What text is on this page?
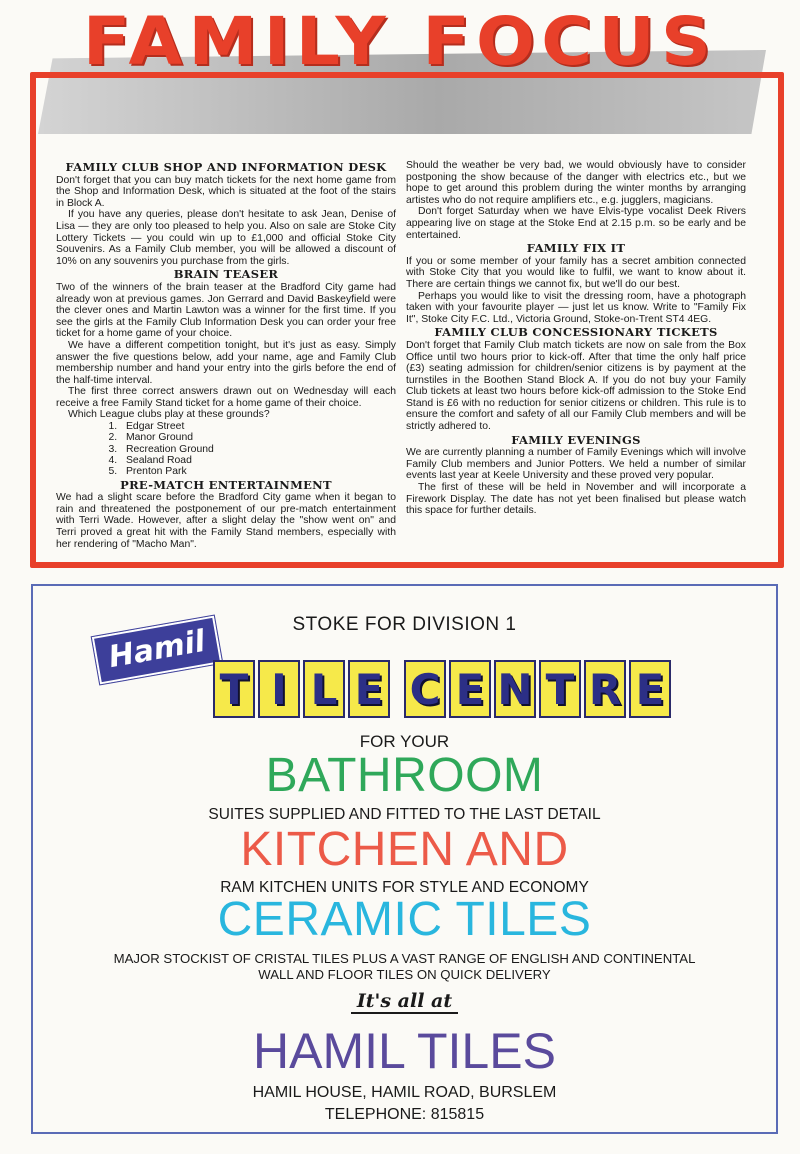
FAMILY FOCUS
FAMILY CLUB SHOP AND INFORMATION DESK

Don't forget that you can buy match tickets for the next home game from the Shop and Information Desk, which is situated at the foot of the stairs in Block A.

If you have any queries, please don't hesitate to ask Jean, Denise of Lisa — they are only too pleased to help you. Also on sale are Stoke City Lottery Tickets — you could win up to £1,000 and official Stoke City Souvenirs. As a Family Club member, you will be allowed a discount of 10% on any souvenirs you purchase from the girls.

BRAIN TEASER

Two of the winners of the brain teaser at the Bradford City game had already won at previous games. Jon Gerrard and David Baskeyfield were the clever ones and Martin Lawton was a winner for the first time. If you see the girls at the Family Club Information Desk you can order your free ticket for a home game of your choice.

We have a different competition tonight, but it's just as easy. Simply answer the five questions below, add your name, age and Family Club membership number and hand your entry into the girls before the end of the half-time interval.

The first three correct answers drawn out on Wednesday will each receive a free Family Stand ticket for a home game of their choice.

Which League clubs play at these grounds?

1. Edgar Street
2. Manor Ground
3. Recreation Ground
4. Sealand Road
5. Prenton Park
PRE-MATCH ENTERTAINMENT

We had a slight scare before the Bradford City game when it began to rain and threatened the postponement of our pre-match entertainment with Terri Wade. However, after a slight delay the "show went on" and Terri proved a great hit with the Family Stand members, especially with her rendering of "Macho Man".

Should the weather be very bad, we would obviously have to consider postponing the show because of the danger with electrics etc., but we hope to get around this problem during the winter months by arranging artistes who do not require amplifiers etc., e.g. jugglers, magicians.

Don't forget Saturday when we have Elvis-type vocalist Deek Rivers appearing live on stage at the Stoke End at 2.15 p.m. so be early and be entertained.

FAMILY FIX IT

If you or some member of your family has a secret ambition connected with Stoke City that you would like to fulfil, we want to know about it. There are certain things we cannot fix, but we'll do our best.

Perhaps you would like to visit the dressing room, have a photograph taken with your favourite player — just let us know. Write to "Family Fix It", Stoke City F.C. Ltd., Victoria Ground, Stoke-on-Trent ST4 4EG.

FAMILY CLUB CONCESSIONARY TICKETS

Don't forget that Family Club match tickets are now on sale from the Box Office until two hours prior to kick-off. After that time the only half price (£3) seating admission for children/senior citizens is by payment at the turnstiles in the Boothen Stand Block A. If you do not buy your Family Club tickets at least two hours before kick-off admission to the Stoke End Stand is £6 with no reduction for senior citizens or children. This rule is to ensure the comfort and safety of all our Family Club members and will be strictly adhered to.

FAMILY EVENINGS

We are currently planning a number of Family Evenings which will involve Family Club members and Junior Potters. We held a number of similar events last year at Keele University and these proved very popular.

The first of these will be held in November and will incorporate a Firework Display. The date has not yet been finalised but please watch this space for further details.

STOKE FOR DIVISION 1
Hamil
T I L E C E N T R E
FOR YOUR
BATHROOM
SUITES SUPPLIED AND FITTED TO THE LAST DETAIL
KITCHEN AND
RAM KITCHEN UNITS FOR STYLE AND ECONOMY
CERAMIC TILES
MAJOR STOCKIST OF CRISTAL TILES PLUS A VAST RANGE OF ENGLISH AND CONTINENTAL
WALL AND FLOOR TILES ON QUICK DELIVERY
It's all at
HAMIL TILES
HAMIL HOUSE, HAMIL ROAD, BURSLEM
TELEPHONE: 815815
